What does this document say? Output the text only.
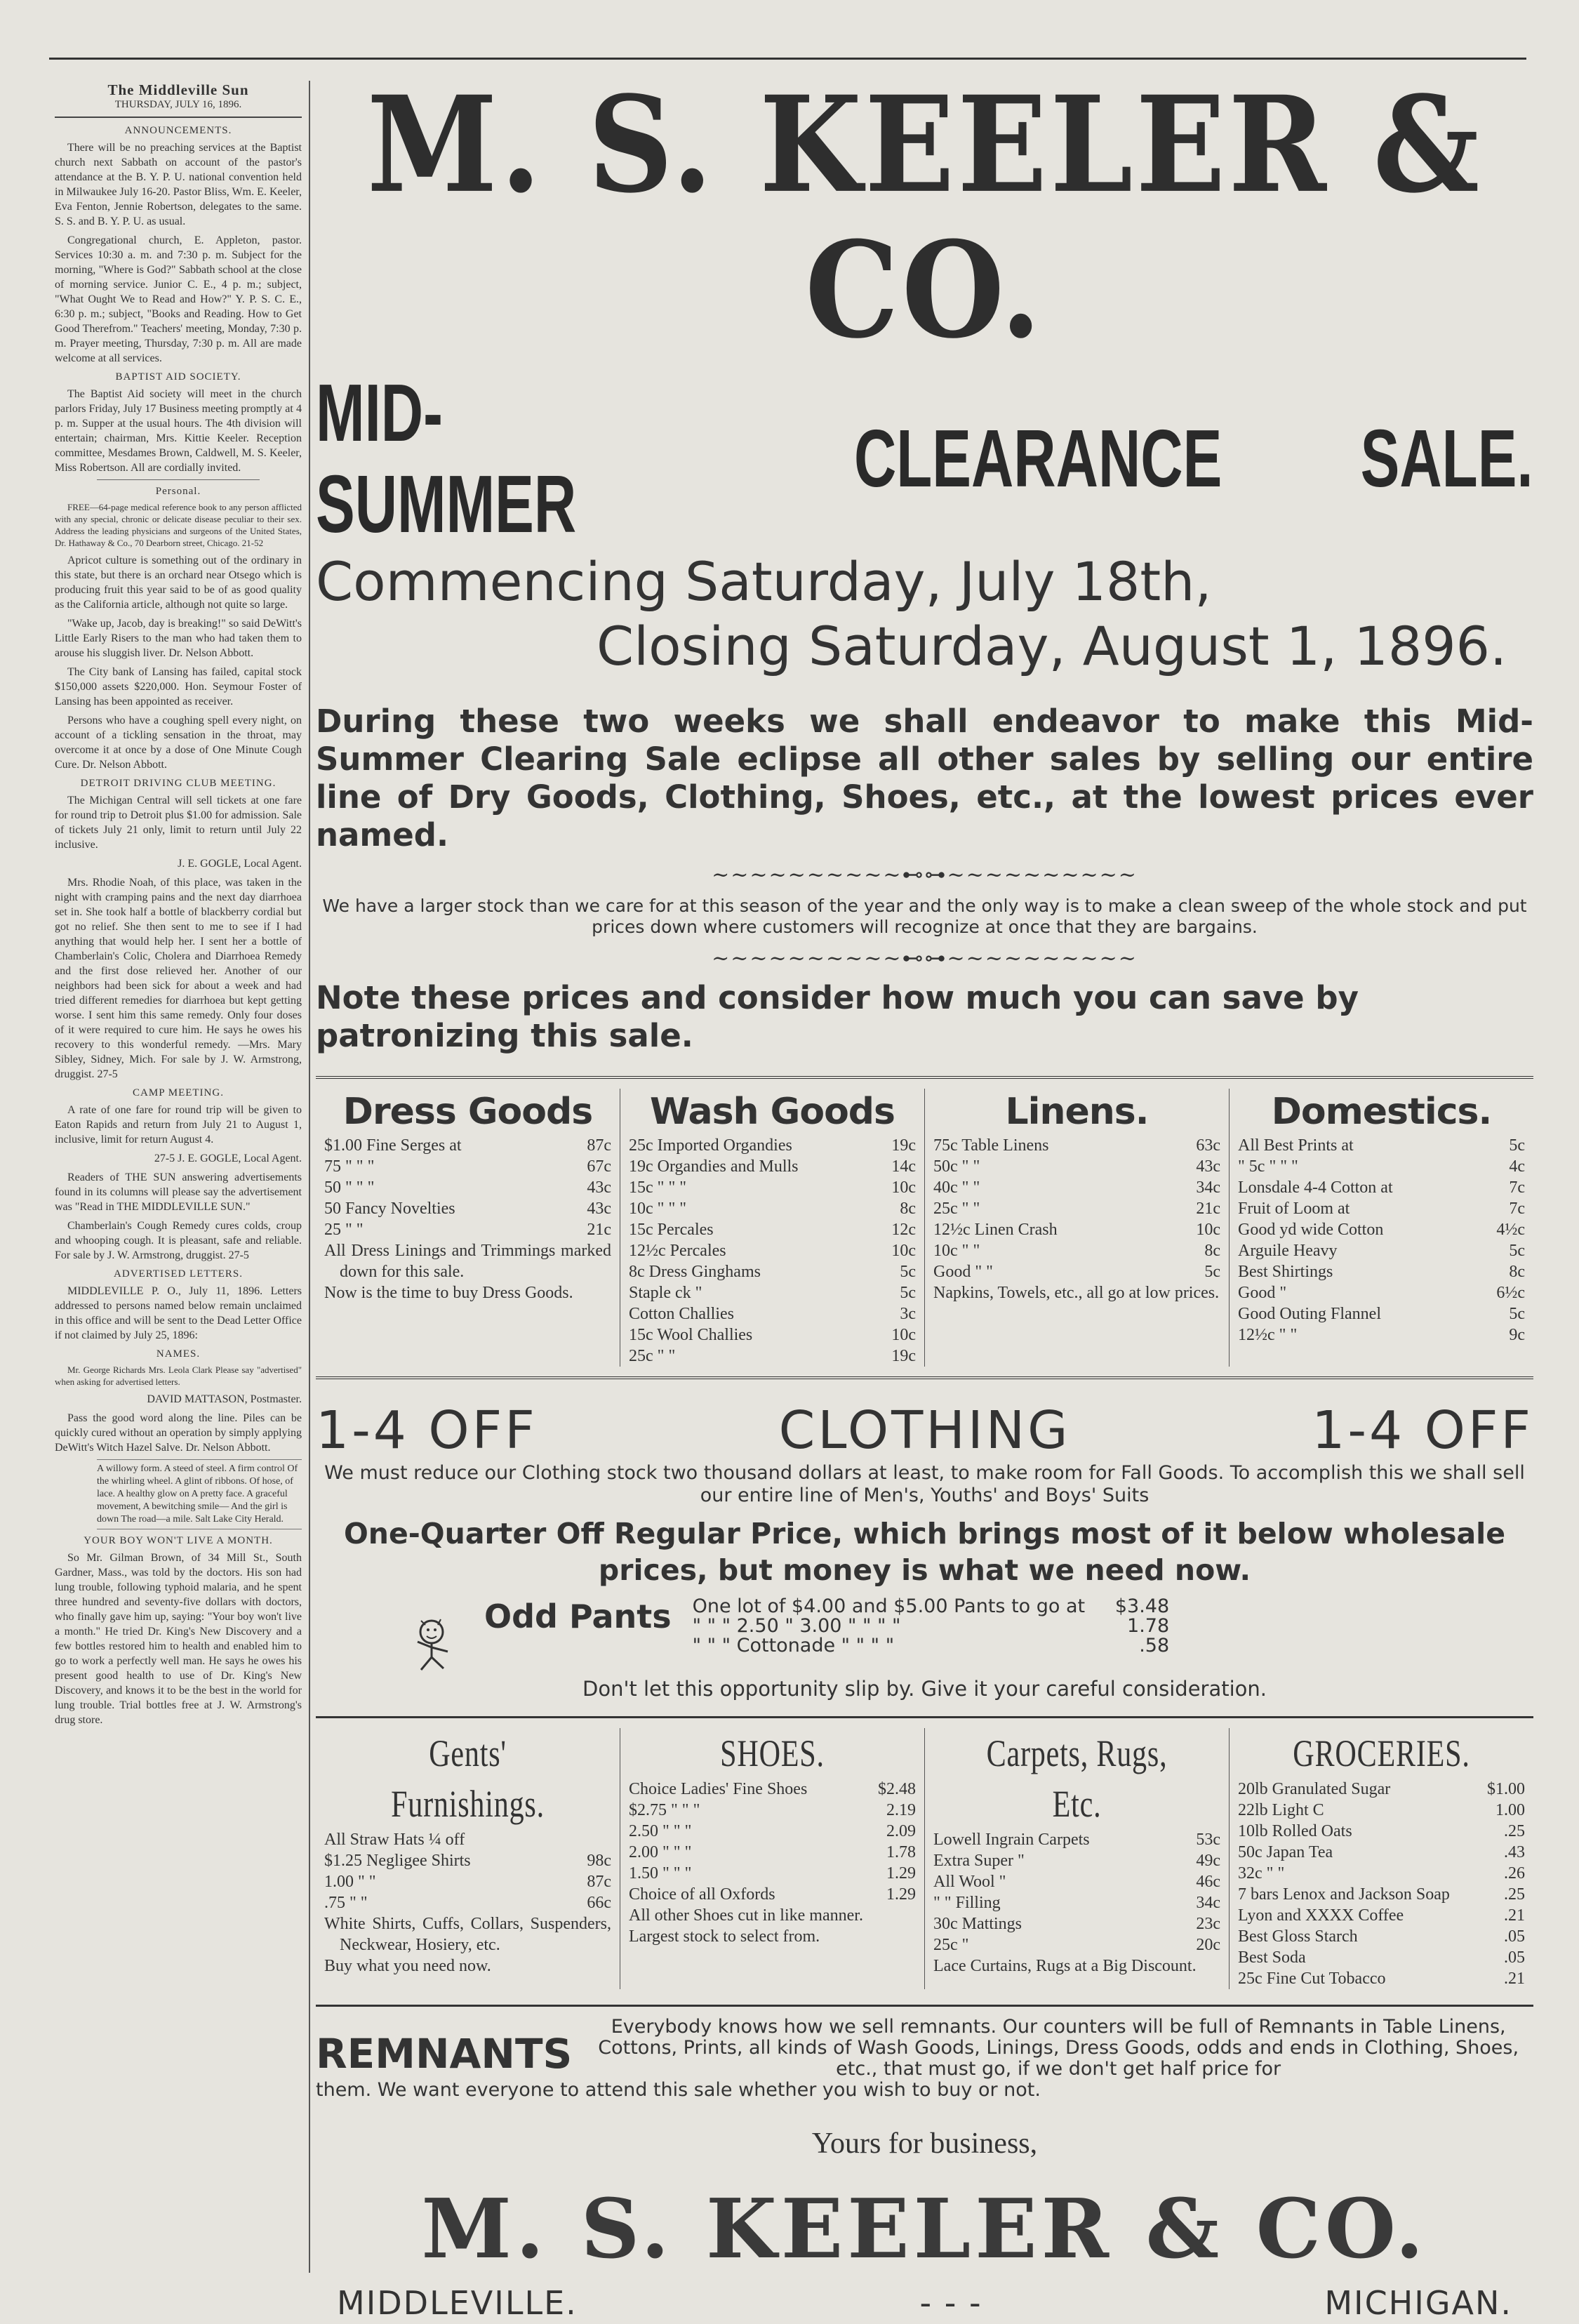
The Middleville Sun
THURSDAY, JULY 16, 1896.
ANNOUNCEMENTS.

There will be no preaching services at the Baptist church next Sabbath on account of the pastor's attendance at the B. Y. P. U. national convention held in Milwaukee July 16-20. Pastor Bliss, Wm. E. Keeler, Eva Fenton, Jennie Robertson, delegates to the same. S. S. and B. Y. P. U. as usual.

Congregational church, E. Appleton, pastor. Services 10:30 a. m. and 7:30 p. m. Subject for the morning, "Where is God?" Sabbath school at the close of morning service. Junior C. E., 4 p. m.; subject, "What Ought We to Read and How?" Y. P. S. C. E., 6:30 p. m.; subject, "Books and Reading. How to Get Good Therefrom." Teachers' meeting, Monday, 7:30 p. m. Prayer meeting, Thursday, 7:30 p. m. All are made welcome at all services.

BAPTIST AID SOCIETY.

The Baptist Aid society will meet in the church parlors Friday, July 17 Business meeting promptly at 4 p. m. Supper at the usual hours. The 4th division will entertain; chairman, Mrs. Kittie Keeler. Reception committee, Mesdames Brown, Caldwell, M. S. Keeler, Miss Robertson. All are cordially invited.

Personal.

FREE—64-page medical reference book to any person afflicted with any special, chronic or delicate disease peculiar to their sex. Address the leading physicians and surgeons of the United States, Dr. Hathaway & Co., 70 Dearborn street, Chicago. 21-52

Apricot culture is something out of the ordinary in this state, but there is an orchard near Otsego which is producing fruit this year said to be of as good quality as the California article, although not quite so large.

"Wake up, Jacob, day is breaking!" so said DeWitt's Little Early Risers to the man who had taken them to arouse his sluggish liver. Dr. Nelson Abbott.

The City bank of Lansing has failed, capital stock $150,000 assets $220,000. Hon. Seymour Foster of Lansing has been appointed as receiver.

Persons who have a coughing spell every night, on account of a tickling sensation in the throat, may overcome it at once by a dose of One Minute Cough Cure. Dr. Nelson Abbott.

DETROIT DRIVING CLUB MEETING.

The Michigan Central will sell tickets at one fare for round trip to Detroit plus $1.00 for admission. Sale of tickets July 21 only, limit to return until July 22 inclusive.

J. E. GOGLE, Local Agent.

Mrs. Rhodie Noah, of this place, was taken in the night with cramping pains and the next day diarrhoea set in. She took half a bottle of blackberry cordial but got no relief. She then sent to me to see if I had anything that would help her. I sent her a bottle of Chamberlain's Colic, Cholera and Diarrhoea Remedy and the first dose relieved her. Another of our neighbors had been sick for about a week and had tried different remedies for diarrhoea but kept getting worse. I sent him this same remedy. Only four doses of it were required to cure him. He says he owes his recovery to this wonderful remedy. —Mrs. Mary Sibley, Sidney, Mich. For sale by J. W. Armstrong, druggist. 27-5

CAMP MEETING.

A rate of one fare for round trip will be given to Eaton Rapids and return from July 21 to August 1, inclusive, limit for return August 4.

27-5 J. E. GOGLE, Local Agent.

Readers of THE SUN answering advertisements found in its columns will please say the advertisement was "Read in THE MIDDLEVILLE SUN."

Chamberlain's Cough Remedy cures colds, croup and whooping cough. It is pleasant, safe and reliable. For sale by J. W. Armstrong, druggist. 27-5

ADVERTISED LETTERS.

MIDDLEVILLE P. O., July 11, 1896. Letters addressed to persons named below remain unclaimed in this office and will be sent to the Dead Letter Office if not claimed by July 25, 1896:

NAMES.

Mr. George Richards Mrs. Leola Clark Please say "advertised" when asking for advertised letters.

DAVID MATTASON, Postmaster.

Pass the good word along the line. Piles can be quickly cured without an operation by simply applying DeWitt's Witch Hazel Salve. Dr. Nelson Abbott.

A willowy form. A steed of steel. A firm control Of the whirling wheel. A glint of ribbons. Of hose, of lace. A healthy glow on A pretty face. A graceful movement, A bewitching smile— And the girl is down The road—a mile. Salt Lake City Herald.

YOUR BOY WON'T LIVE A MONTH.

So Mr. Gilman Brown, of 34 Mill St., South Gardner, Mass., was told by the doctors. His son had lung trouble, following typhoid malaria, and he spent three hundred and seventy-five dollars with doctors, who finally gave him up, saying: "Your boy won't live a month." He tried Dr. King's New Discovery and a few bottles restored him to health and enabled him to go to work a perfectly well man. He says he owes his present good health to use of Dr. King's New Discovery, and knows it to be the best in the world for lung trouble. Trial bottles free at J. W. Armstrong's drug store.

M. S. KEELER & CO.
MID-SUMMER	CLEARANCE SALE.
Commencing Saturday, July 18th,
Closing Saturday, August 1, 1896.
During these two weeks we shall endeavor to make this Mid-Summer Clearing Sale eclipse all other sales by selling our entire line of Dry Goods, Clothing, Shoes, etc., at the lowest prices ever named.
~~~~~~~~~~⊷⊶~~~~~~~~~~
We have a larger stock than we care for at this season of the year and the only way is to make a clean sweep of the whole stock and put prices down where customers will recognize at once that they are bargains.
~~~~~~~~~~⊷⊶~~~~~~~~~~
Note these prices and consider how much you can save by patronizing this sale.
Dress Goods
$1.00 Fine Serges at	87c
75 " " "	67c
50 " " "	43c
50 Fancy Novelties	43c
25 " "	21c
All Dress Linings and Trimmings marked down for this sale.
Now is the time to buy Dress Goods.
Wash Goods
25c Imported Organdies	19c
19c Organdies and Mulls	14c
15c " " "	10c
10c " " "	8c
15c Percales	12c
12½c Percales	10c
8c Dress Ginghams	5c
Staple ck "	5c
Cotton Challies	3c
15c Wool Challies	10c
25c " "	19c
Linens.
75c Table Linens	63c
50c " "	43c
40c " "	34c
25c " "	21c
12½c Linen Crash	10c
10c " "	8c
Good " "	5c
Napkins, Towels, etc., all go at low prices.
Domestics.
All Best Prints at	5c
" 5c " " "	4c
Lonsdale 4-4 Cotton at	7c
Fruit of Loom at	7c
Good yd wide Cotton	4½c
Arguile Heavy	5c
Best Shirtings	8c
Good "	6½c
Good Outing Flannel	5c
12½c " "	9c
1-4 OFF	CLOTHING	1-4 OFF
We must reduce our Clothing stock two thousand dollars at least, to make room for Fall Goods. To accomplish this we shall sell our entire line of Men's, Youths' and Boys' Suits
One-Quarter Off Regular Price, which brings most of it below wholesale prices, but money is what we need now.
Odd Pants One lot of $4.00 and $5.00 Pants to go at	$3.48
" " " 2.50 " 3.00 " " " "	1.78
" " " Cottonade " " " "	.58
Don't let this opportunity slip by. Give it your careful consideration.
Gents' Furnishings.
All Straw Hats ¼ off
$1.25 Negligee Shirts	98c
1.00 " "	87c
.75 " "	66c
White Shirts, Cuffs, Collars, Suspenders, Neckwear, Hosiery, etc.
Buy what you need now.
SHOES.
Choice Ladies' Fine Shoes	$2.48
$2.75 " " "	2.19
2.50 " " "	2.09
2.00 " " "	1.78
1.50 " " "	1.29
Choice of all Oxfords	1.29
All other Shoes cut in like manner.
Largest stock to select from.
Carpets, Rugs, Etc.
Lowell Ingrain Carpets	53c
Extra Super "	49c
All Wool "	46c
" " Filling	34c
30c Mattings	23c
25c "	20c
Lace Curtains, Rugs at a Big Discount.
GROCERIES.
20lb Granulated Sugar	$1.00
22lb Light C	1.00
10lb Rolled Oats	.25
50c Japan Tea	.43
32c " "	.26
7 bars Lenox and Jackson Soap	.25
Lyon and XXXX Coffee	.21
Best Gloss Starch	.05
Best Soda	.05
25c Fine Cut Tobacco	.21
REMNANTS
Everybody knows how we sell remnants. Our counters will be full of Remnants in Table Linens, Cottons, Prints, all kinds of Wash Goods, Linings, Dress Goods, odds and ends in Clothing, Shoes, etc., that must go, if we don't get half price for
them. We want everyone to attend this sale whether you wish to buy or not.
Yours for business,
M. S. KEELER & CO.
MIDDLEVILLE.	- - -	MICHIGAN.
